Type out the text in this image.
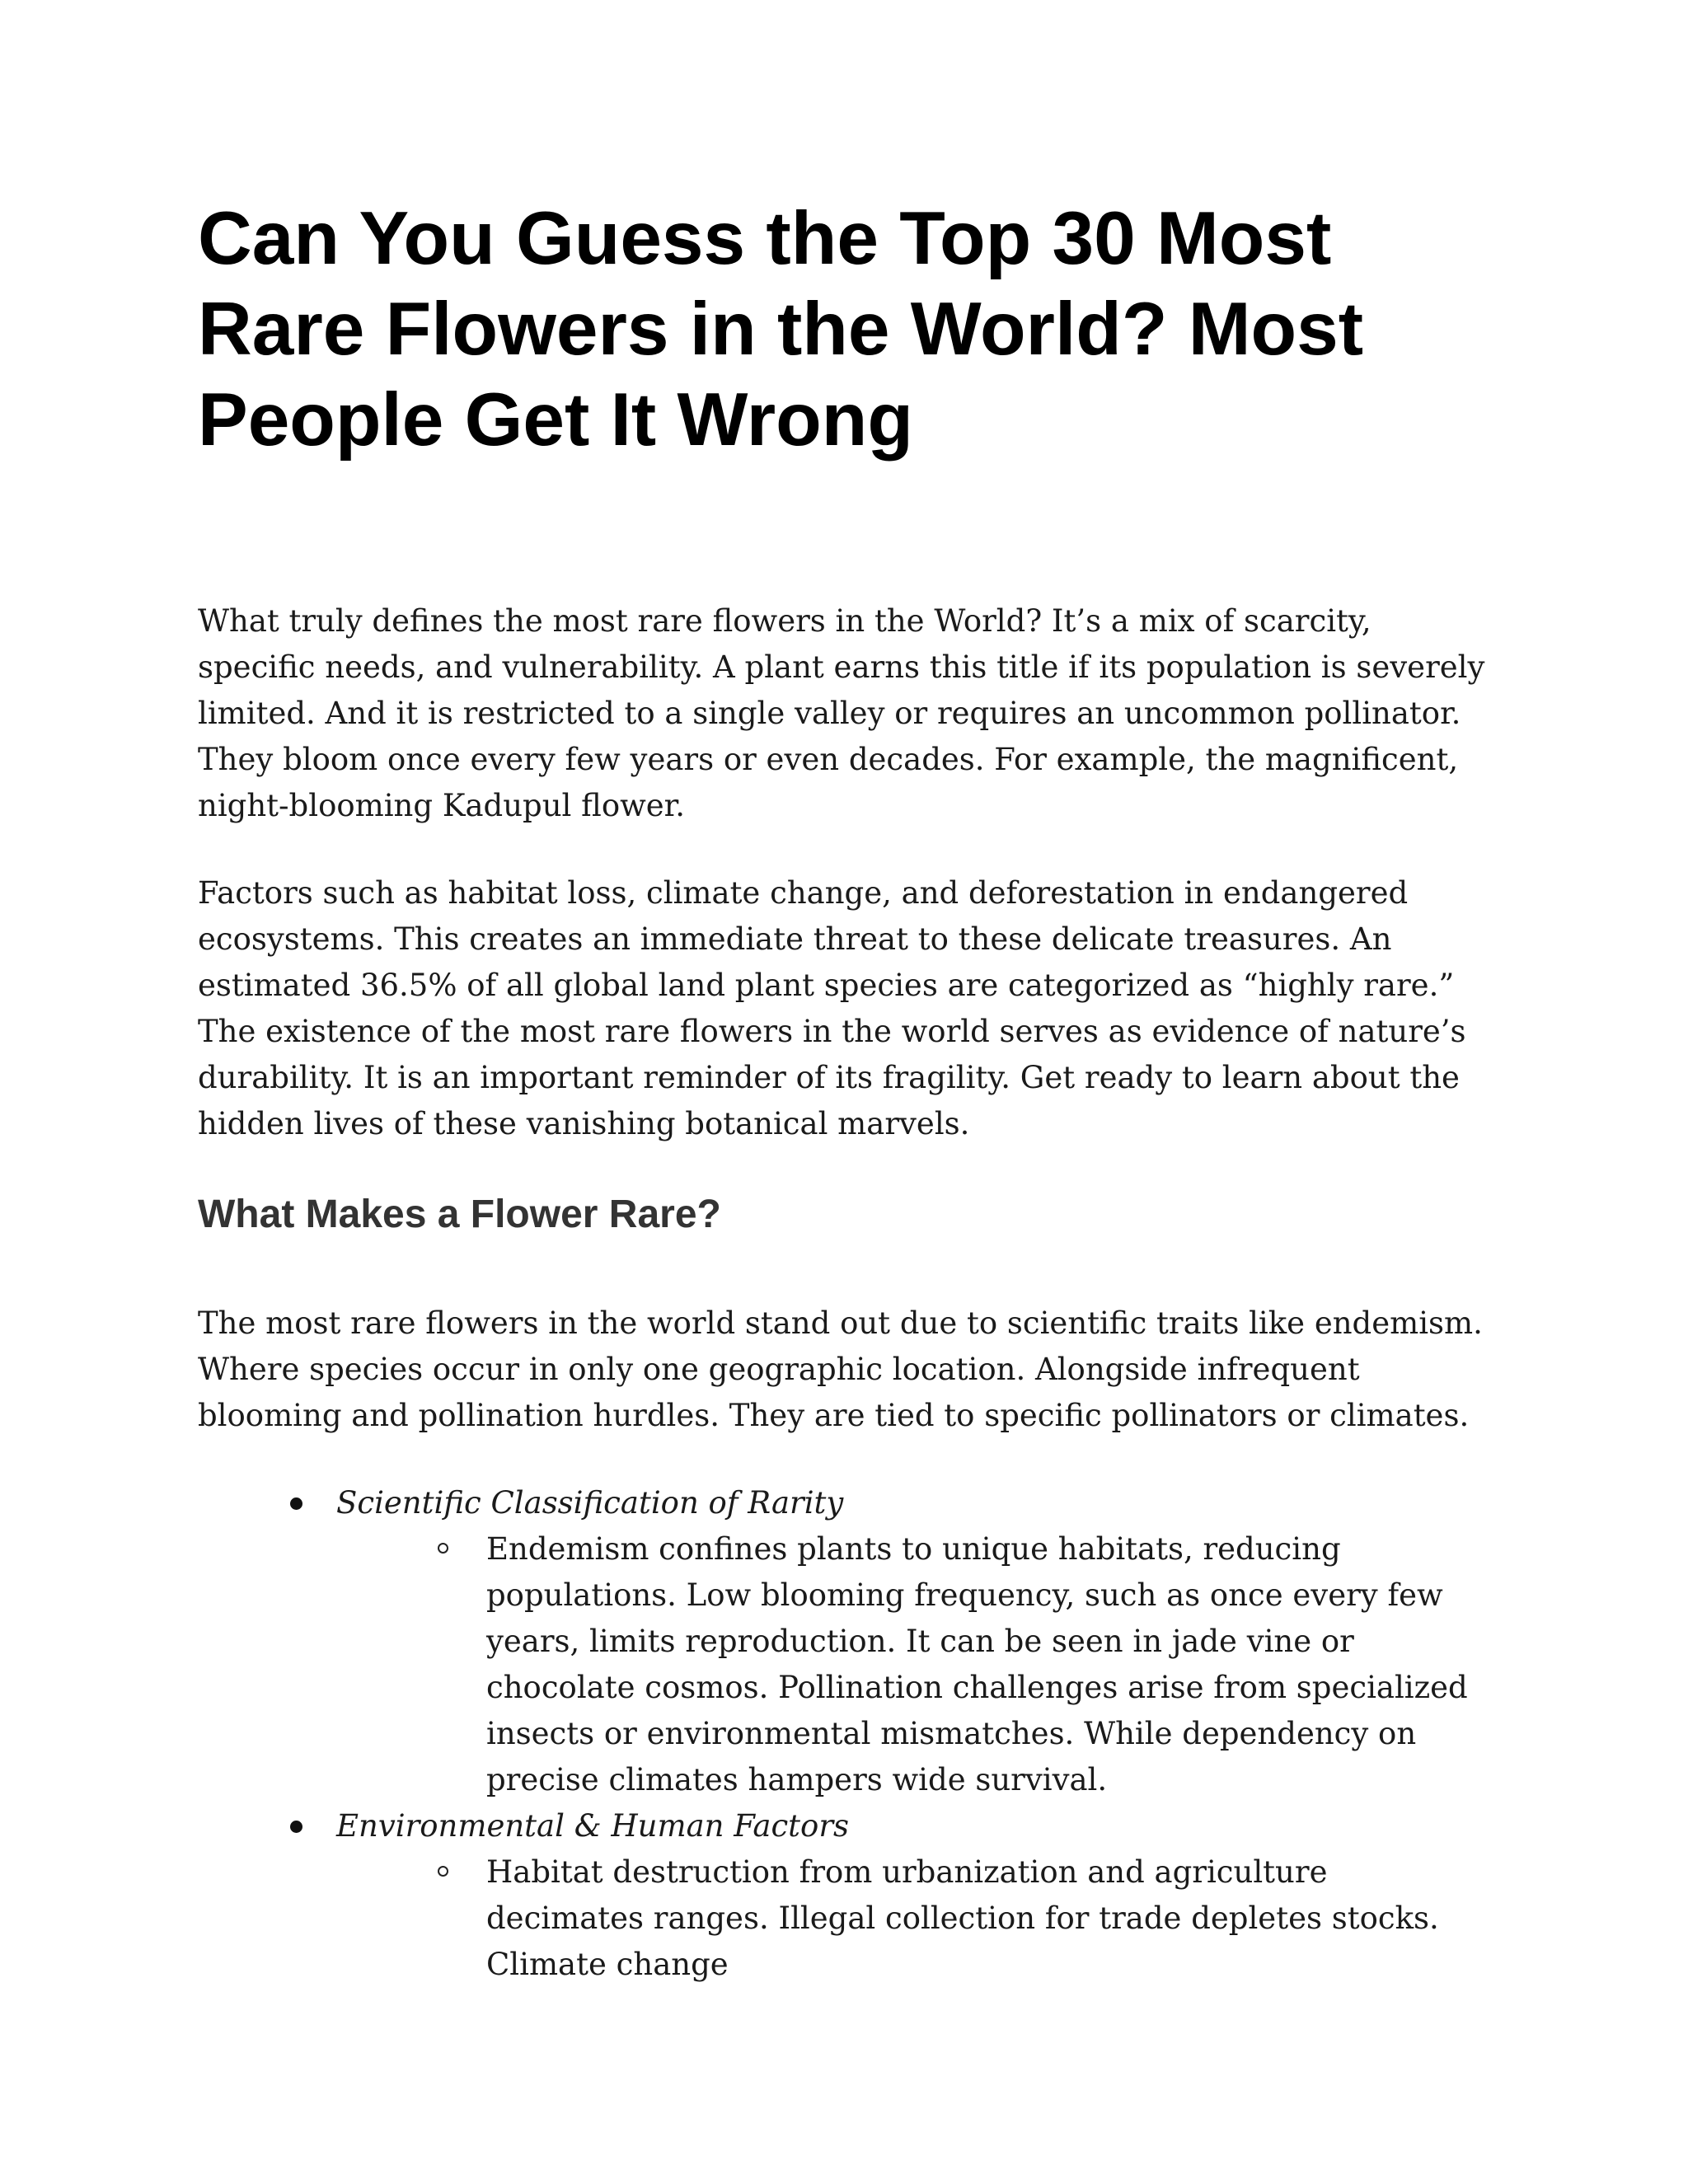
Can You Guess the Top 30 Most Rare Flowers in the World? Most People Get It Wrong

What truly defines the most rare flowers in the World? It’s a mix of scarcity, specific needs, and vulnerability. A plant earns this title if its population is severely limited. And it is restricted to a single valley or requires an uncommon pollinator. They bloom once every few years or even decades. For example, the magnificent, night-blooming Kadupul flower.

Factors such as habitat loss, climate change, and deforestation in endangered ecosystems. This creates an immediate threat to these delicate treasures. An estimated 36.5% of all global land plant species are categorized as “highly rare.” The existence of the most rare flowers in the world serves as evidence of nature’s durability. It is an important reminder of its fragility. Get ready to learn about the hidden lives of these vanishing botanical marvels.

What Makes a Flower Rare?

The most rare flowers in the world stand out due to scientific traits like endemism. Where species occur in only one geographic location. Alongside infrequent blooming and pollination hurdles. They are tied to specific pollinators or climates.

Scientific Classification of Rarity
Endemism confines plants to unique habitats, reducing populations. Low blooming frequency, such as once every few years, limits reproduction. It can be seen in jade vine or chocolate cosmos. Pollination challenges arise from specialized insects or environmental mismatches. While dependency on precise climates hampers wide survival.
Environmental & Human Factors
Habitat destruction from urbanization and agriculture decimates ranges. Illegal collection for trade depletes stocks. Climate change
